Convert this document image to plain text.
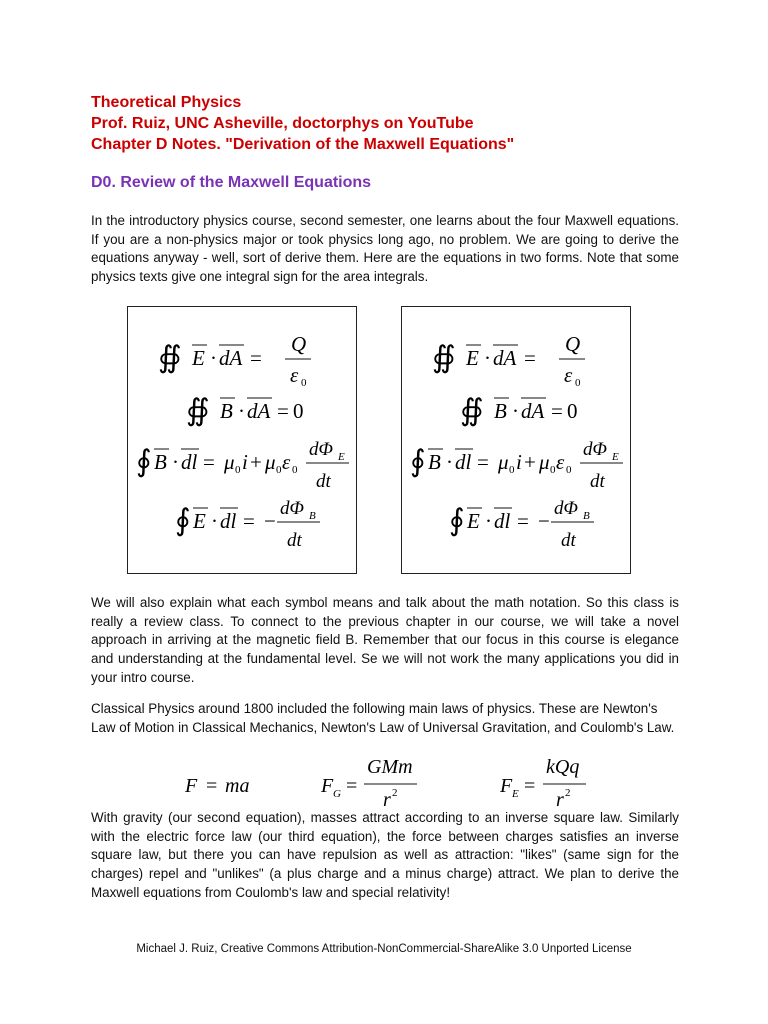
Theoretical Physics
Prof. Ruiz, UNC Asheville, doctorphys on YouTube
Chapter D Notes. "Derivation of the Maxwell Equations"
D0. Review of the Maxwell Equations

In the introductory physics course, second semester, one learns about the four Maxwell equations. If you are a non-physics major or took physics long ago, no problem. We are going to derive the equations anyway - well, sort of derive them. Here are the equations in two forms. Note that some physics texts give one integral sign for the area integrals.

∯ E · dA =
Q
ε 0
∯ B · dA = 0
∮ B · dl = μ 0 i + μ 0 ε 0
dΦ E
dt
∮ E · dl = −
dΦ B
dt
∯ E · dA =
Q
ε 0
∯ B · dA = 0
∮ B · dl = μ 0 i + μ 0 ε 0
dΦ E
dt
∮ E · dl = −
dΦ B
dt

We will also explain what each symbol means and talk about the math notation. So this class is really a review class. To connect to the previous chapter in our course, we will take a novel approach in arriving at the magnetic field B. Remember that our focus in this course is elegance and understanding at the fundamental level. Se we will not work the many applications you did in your intro course.

Classical Physics around 1800 included the following main laws of physics. These are Newton's Law of Motion in Classical Mechanics, Newton's Law of Universal Gravitation, and Coulomb's Law.

F = ma	F G =
GMm
r 2	F E =
kQq
r 2

With gravity (our second equation), masses attract according to an inverse square law. Similarly with the electric force law (our third equation), the force between charges satisfies an inverse square law, but there you can have repulsion as well as attraction: "likes" (same sign for the charges) repel and "unlikes" (a plus charge and a minus charge) attract. We plan to derive the Maxwell equations from Coulomb's law and special relativity!

Michael J. Ruiz, Creative Commons Attribution-NonCommercial-ShareAlike 3.0 Unported License
